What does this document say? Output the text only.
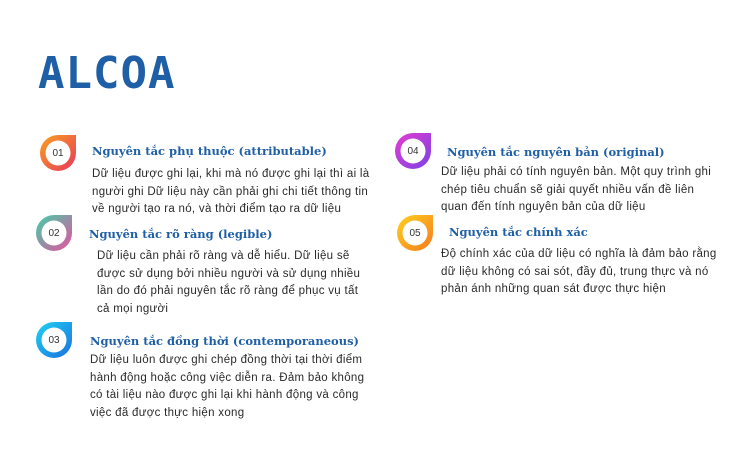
ALCOA
01	Nguyên tắc phụ thuộc (attributable)
Dữ liệu được ghi lại, khi mà nó được ghi lại thì ai là người ghi Dữ liệu này cần phải ghi chi tiết thông tin về người tạo ra nó, và thời điểm tạo ra dữ liệu
02	Nguyên tắc rõ ràng (legible)
Dữ liệu cần phải rõ ràng và dễ hiểu. Dữ liệu sẽ được sử dụng bởi nhiều người và sử dụng nhiều lần do đó phải nguyên tắc rõ ràng để phục vụ tất cả mọi người
03	Nguyên tắc đồng thời (contemporaneous)
Dữ liệu luôn được ghi chép đồng thời tại thời điểm hành động hoặc công việc diễn ra. Đảm bảo không có tài liệu nào được ghi lại khi hành động và công việc đã được thực hiện xong
04	Nguyên tắc nguyên bản (original)
Dữ liệu phải có tính nguyên bản. Một quy trình ghi chép tiêu chuẩn sẽ giải quyết nhiều vấn đề liên quan đến tính nguyên bản của dữ liệu
05	Nguyên tắc chính xác
Độ chính xác của dữ liệu có nghĩa là đảm bảo rằng dữ liệu không có sai sót, đầy đủ, trung thực và nó phản ánh những quan sát được thực hiện
